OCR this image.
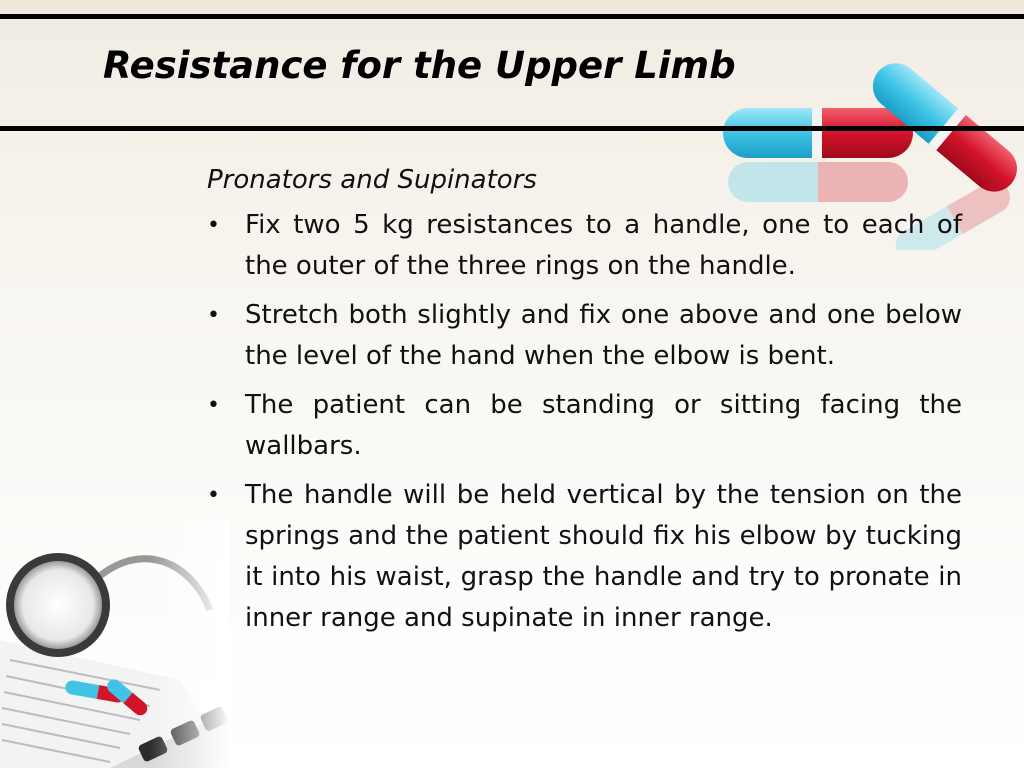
Resistance for the Upper Limb

Pronators and Supinators

• Fix two 5 kg resistances to a handle, one to each of the outer of the three rings on the handle.
• Stretch both slightly and fix one above and one below the level of the hand when the elbow is bent.
• The patient can be standing or sitting facing the wallbars.
• The handle will be held vertical by the tension on the springs and the patient should fix his elbow by tucking it into his waist, grasp the handle and try to pronate in inner range and supinate in inner range.
